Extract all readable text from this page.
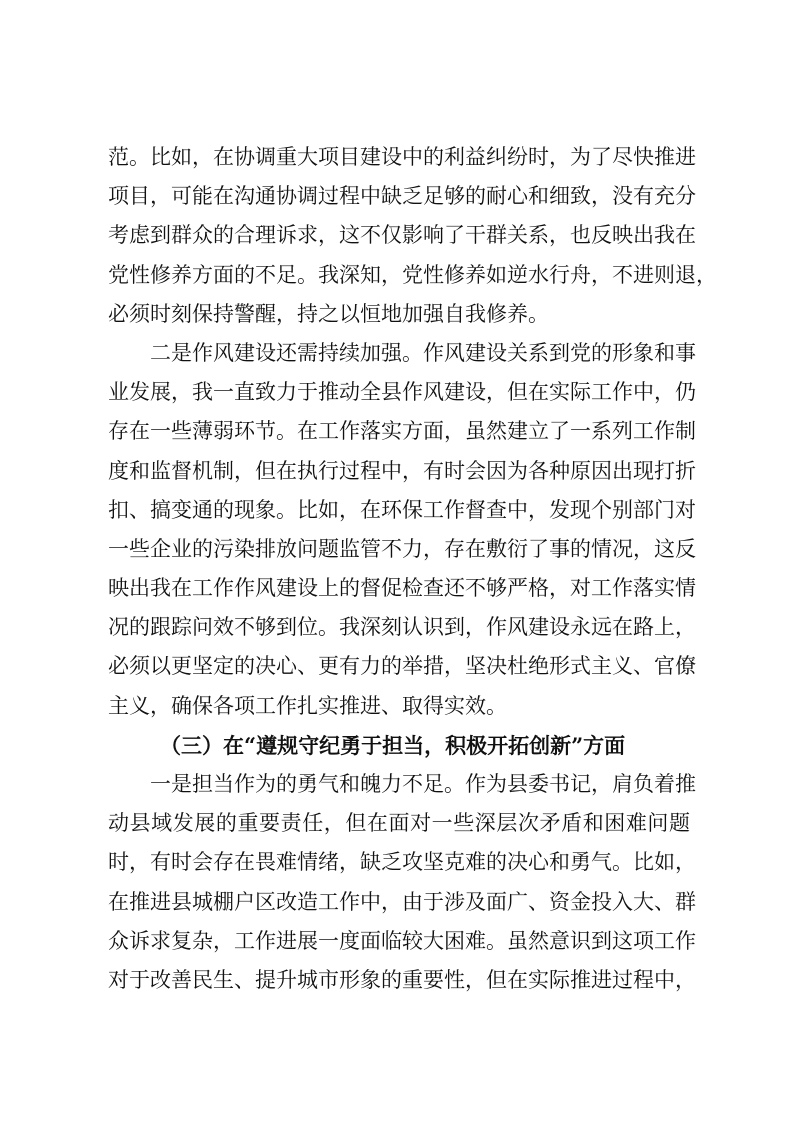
范。比如，在协调重大项目建设中的利益纠纷时，为了尽快推进
项目，可能在沟通协调过程中缺乏足够的耐心和细致，没有充分
考虑到群众的合理诉求，这不仅影响了干群关系，也反映出我在
党性修养方面的不足。我深知，党性修养如逆水行舟，不进则退，
必须时刻保持警醒，持之以恒地加强自我修养。
二是作风建设还需持续加强。作风建设关系到党的形象和事
业发展，我一直致力于推动全县作风建设，但在实际工作中，仍
存在一些薄弱环节。在工作落实方面，虽然建立了一系列工作制
度和监督机制，但在执行过程中，有时会因为各种原因出现打折
扣、搞变通的现象。比如，在环保工作督查中，发现个别部门对
一些企业的污染排放问题监管不力，存在敷衍了事的情况，这反
映出我在工作作风建设上的督促检查还不够严格，对工作落实情
况的跟踪问效不够到位。我深刻认识到，作风建设永远在路上，
必须以更坚定的决心、更有力的举措，坚决杜绝形式主义、官僚
主义，确保各项工作扎实推进、取得实效。
（三）在“遵规守纪勇于担当，积极开拓创新”方面
一是担当作为的勇气和魄力不足。作为县委书记，肩负着推
动县域发展的重要责任，但在面对一些深层次矛盾和困难问题
时，有时会存在畏难情绪，缺乏攻坚克难的决心和勇气。比如，
在推进县城棚户区改造工作中，由于涉及面广、资金投入大、群
众诉求复杂，工作进展一度面临较大困难。虽然意识到这项工作
对于改善民生、提升城市形象的重要性，但在实际推进过程中，
